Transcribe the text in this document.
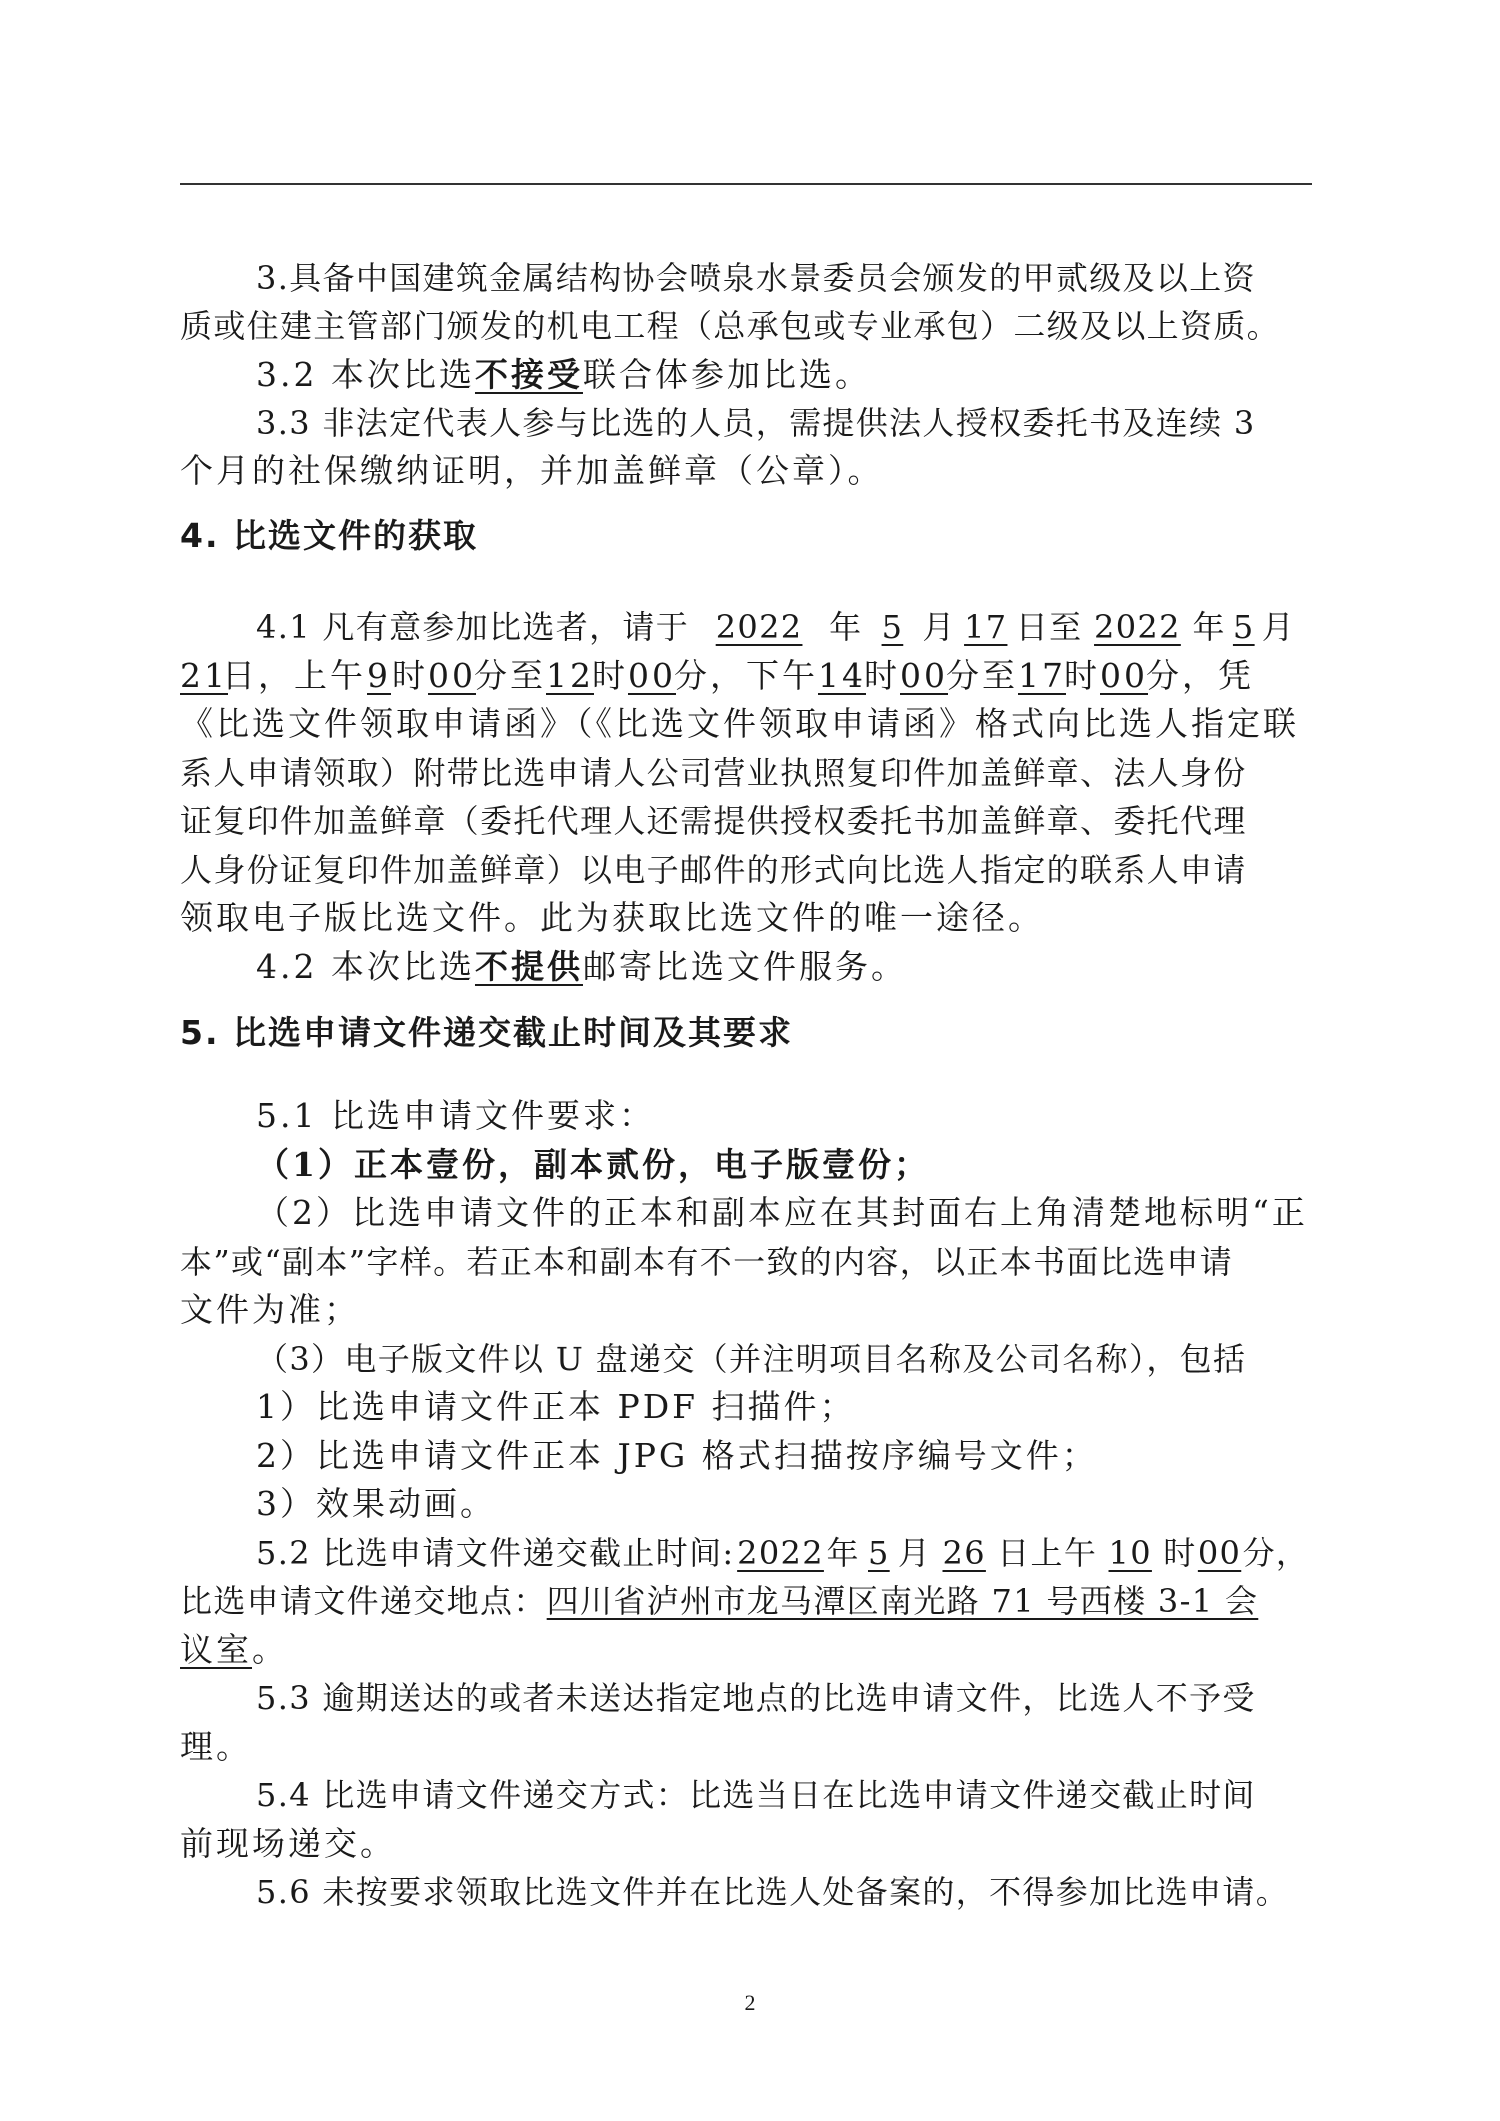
3.具备中国建筑金属结构协会喷泉水景委员会颁发的甲贰级及以上资
质或住建主管部门颁发的机电工程（总承包或专业承包）二级及以上资质。
3.2 本次比选不接受联合体参加比选。
3.3 非法定代表人参与比选的人员，需提供法人授权委托书及连续 3
个月的社保缴纳证明，并加盖鲜章（公章）。
4. 比选文件的获取
4.1 凡有意参加比选者，请于 2022 年 5 月 17 日至 2022 年 5 月
21日，上午9时00分至12时00分，下午14时00分至17时00分，凭
《比选文件领取申请函》（《比选文件领取申请函》格式向比选人指定联
系人申请领取）附带比选申请人公司营业执照复印件加盖鲜章、法人身份
证复印件加盖鲜章（委托代理人还需提供授权委托书加盖鲜章、委托代理
人身份证复印件加盖鲜章）以电子邮件的形式向比选人指定的联系人申请
领取电子版比选文件。此为获取比选文件的唯一途径。
4.2 本次比选不提供邮寄比选文件服务。
5. 比选申请文件递交截止时间及其要求
5.1 比选申请文件要求：
（1）正本壹份，副本贰份，电子版壹份；
（2）比选申请文件的正本和副本应在其封面右上角清楚地标明“正
本”或“副本”字样。若正本和副本有不一致的内容，以正本书面比选申请
文件为准；
（3）电子版文件以 U 盘递交（并注明项目名称及公司名称），包括
1）比选申请文件正本 PDF 扫描件；
2）比选申请文件正本 JPG 格式扫描按序编号文件；
3）效果动画。
5.2 比选申请文件递交截止时间:2022年 5 月 26 日上午 10 时00分，
比选申请文件递交地点：四川省泸州市龙马潭区南光路 71 号西楼 3-1 会
议室。
5.3 逾期送达的或者未送达指定地点的比选申请文件，比选人不予受
理。
5.4 比选申请文件递交方式：比选当日在比选申请文件递交截止时间
前现场递交。
5.6 未按要求领取比选文件并在比选人处备案的，不得参加比选申请。
2
